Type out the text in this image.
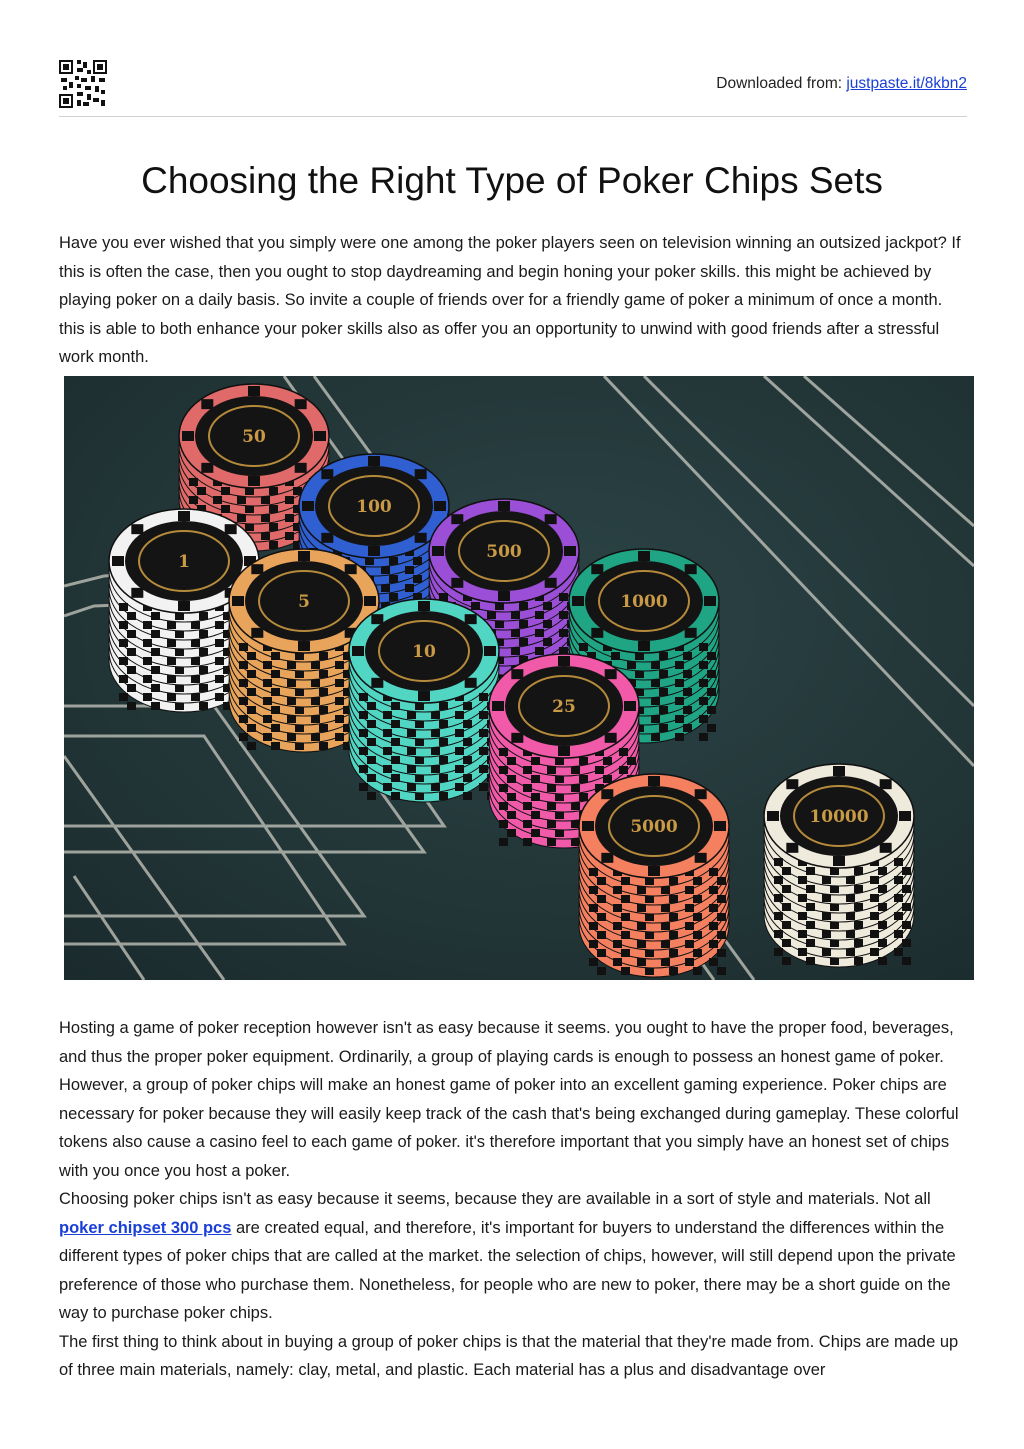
Downloaded from: justpaste.it/8kbn2
Choosing the Right Type of Poker Chips Sets

Have you ever wished that you simply were one among the poker players seen on television winning an outsized jackpot? If this is often the case, then you ought to stop daydreaming and begin honing your poker skills. this might be achieved by playing poker on a daily basis. So invite a couple of friends over for a friendly game of poker a minimum of once a month. this is able to both enhance your poker skills also as offer you an opportunity to unwind with good friends after a stressful work month.

50
100
1	500
5	1000
10
25
5000	10000

Hosting a game of poker reception however isn't as easy because it seems. you ought to have the proper food, beverages, and thus the proper poker equipment. Ordinarily, a group of playing cards is enough to possess an honest game of poker. However, a group of poker chips will make an honest game of poker into an excellent gaming experience. Poker chips are necessary for poker because they will easily keep track of the cash that's being exchanged during gameplay. These colorful tokens also cause a casino feel to each game of poker. it's therefore important that you simply have an honest set of chips with you once you host a poker.
Choosing poker chips isn't as easy because it seems, because they are available in a sort of style and materials. Not all poker chipset 300 pcs are created equal, and therefore, it's important for buyers to understand the differences within the different types of poker chips that are called at the market. the selection of chips, however, will still depend upon the private preference of those who purchase them. Nonetheless, for people who are new to poker, there may be a short guide on the way to purchase poker chips.
The first thing to think about in buying a group of poker chips is that the material that they're made from. Chips are made up of three main materials, namely: clay, metal, and plastic. Each material has a plus and disadvantage over
